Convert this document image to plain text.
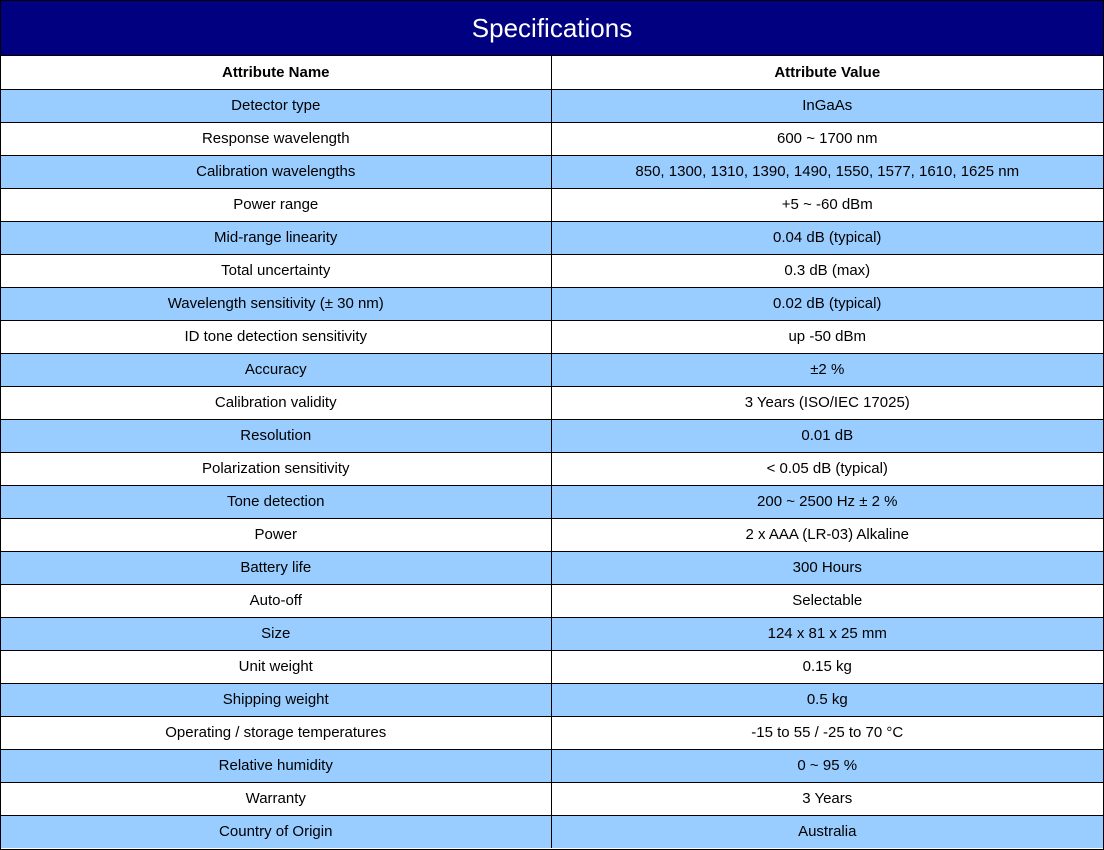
Specifications
Attribute Name	Attribute Value
Detector type	InGaAs
Response wavelength	600 ~ 1700 nm
Calibration wavelengths	850, 1300, 1310, 1390, 1490, 1550, 1577, 1610, 1625 nm
Power range	+5 ~ -60 dBm
Mid-range linearity	0.04 dB (typical)
Total uncertainty	0.3 dB (max)
Wavelength sensitivity (± 30 nm)	0.02 dB (typical)
ID tone detection sensitivity	up -50 dBm
Accuracy	±2 %
Calibration validity	3 Years (ISO/IEC 17025)
Resolution	0.01 dB
Polarization sensitivity	< 0.05 dB (typical)
Tone detection	200 ~ 2500 Hz ± 2 %
Power	2 x AAA (LR-03) Alkaline
Battery life	300 Hours
Auto-off	Selectable
Size	124 x 81 x 25 mm
Unit weight	0.15 kg
Shipping weight	0.5 kg
Operating / storage temperatures	-15 to 55 / -25 to 70 °C
Relative humidity	0 ~ 95 %
Warranty	3 Years
Country of Origin	Australia
